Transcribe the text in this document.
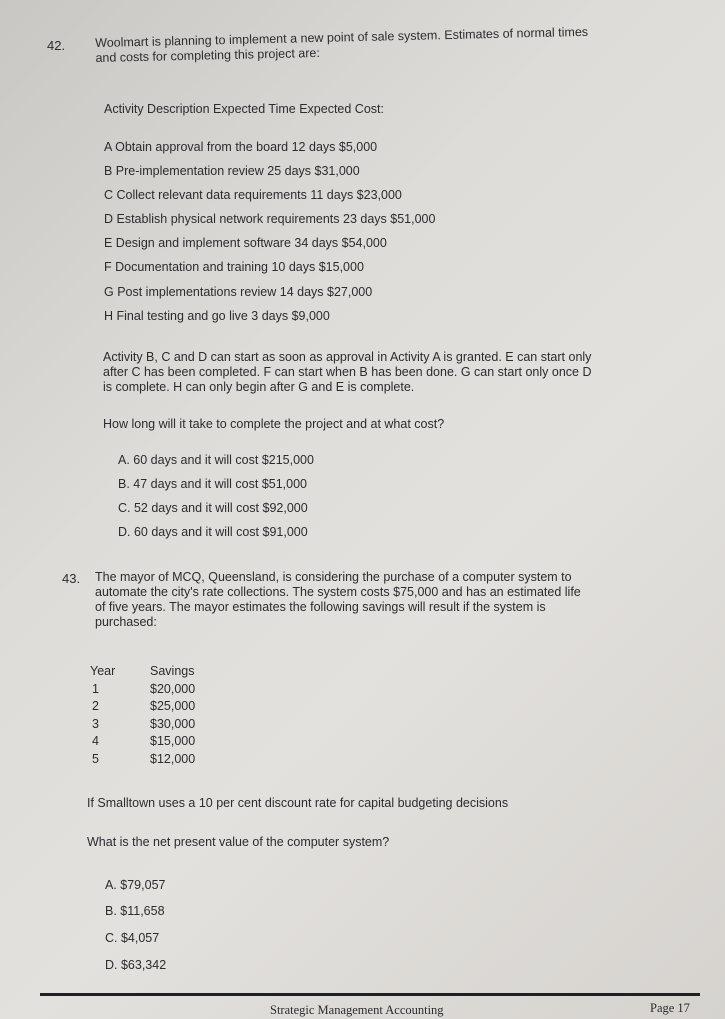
42. Woolmart is planning to implement a new point of sale system. Estimates of normal times
and costs for completing this project are:
Activity Description Expected Time Expected Cost:
A Obtain approval from the board 12 days $5,000
B Pre-implementation review 25 days $31,000
C Collect relevant data requirements 11 days $23,000
D Establish physical network requirements 23 days $51,000
E Design and implement software 34 days $54,000
F Documentation and training 10 days $15,000
G Post implementations review 14 days $27,000
H Final testing and go live 3 days $9,000
Activity B, C and D can start as soon as approval in Activity A is granted. E can start only
after C has been completed. F can start when B has been done. G can start only once D
is complete. H can only begin after G and E is complete.
How long will it take to complete the project and at what cost?
A. 60 days and it will cost $215,000
B. 47 days and it will cost $51,000
C. 52 days and it will cost $92,000
D. 60 days and it will cost $91,000
43. The mayor of MCQ, Queensland, is considering the purchase of a computer system to
automate the city's rate collections. The system costs $75,000 and has an estimated life
of five years. The mayor estimates the following savings will result if the system is
purchased:
Year
1
2
3
4
5
Savings
$20,000
$25,000
$30,000
$15,000
$12,000
If Smalltown uses a 10 per cent discount rate for capital budgeting decisions
What is the net present value of the computer system?
A. $79,057
B. $11,658
C. $4,057
D. $63,342
Strategic Management Accounting	Page 17
